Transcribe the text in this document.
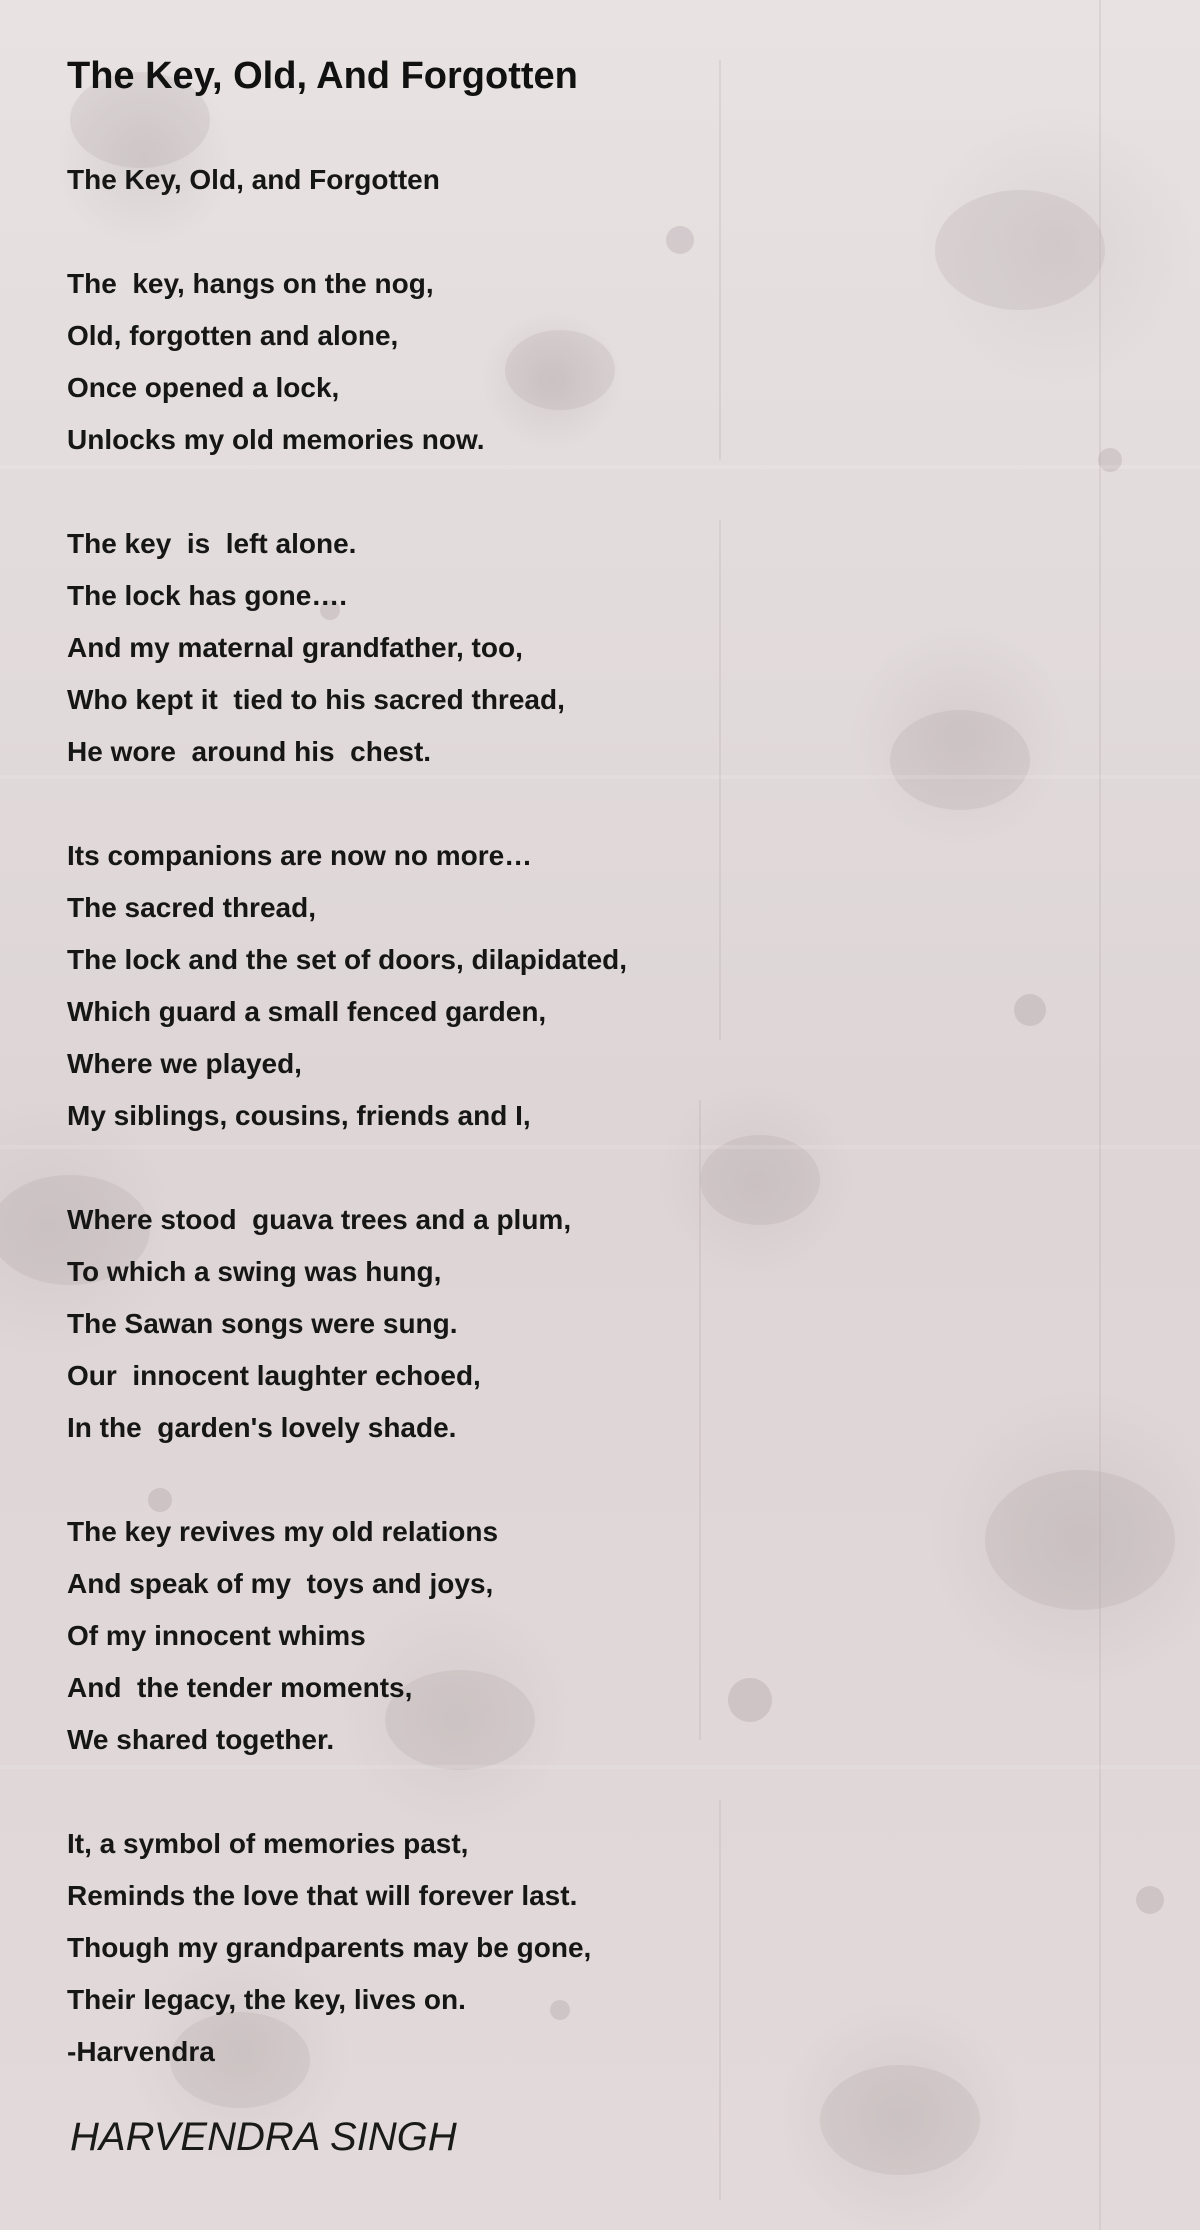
The Key, Old, And Forgotten
The Key, Old, and Forgotten
The  key, hangs on the nog,
Old, forgotten and alone,
Once opened a lock,
Unlocks my old memories now.
The key  is  left alone.
The lock has gone….
And my maternal grandfather, too,
Who kept it  tied to his sacred thread,
He wore  around his  chest.
Its companions are now no more…
The sacred thread,
The lock and the set of doors, dilapidated,
Which guard a small fenced garden,
Where we played,
My siblings, cousins, friends and I,
Where stood  guava trees and a plum,
To which a swing was hung,
The Sawan songs were sung.
Our  innocent laughter echoed,
In the  garden's lovely shade.
The key revives my old relations
And speak of my  toys and joys,
Of my innocent whims
And  the tender moments,
We shared together.
It, a symbol of memories past,
Reminds the love that will forever last.
Though my grandparents may be gone,
Their legacy, the key, lives on.
-Harvendra
HARVENDRA SINGH
